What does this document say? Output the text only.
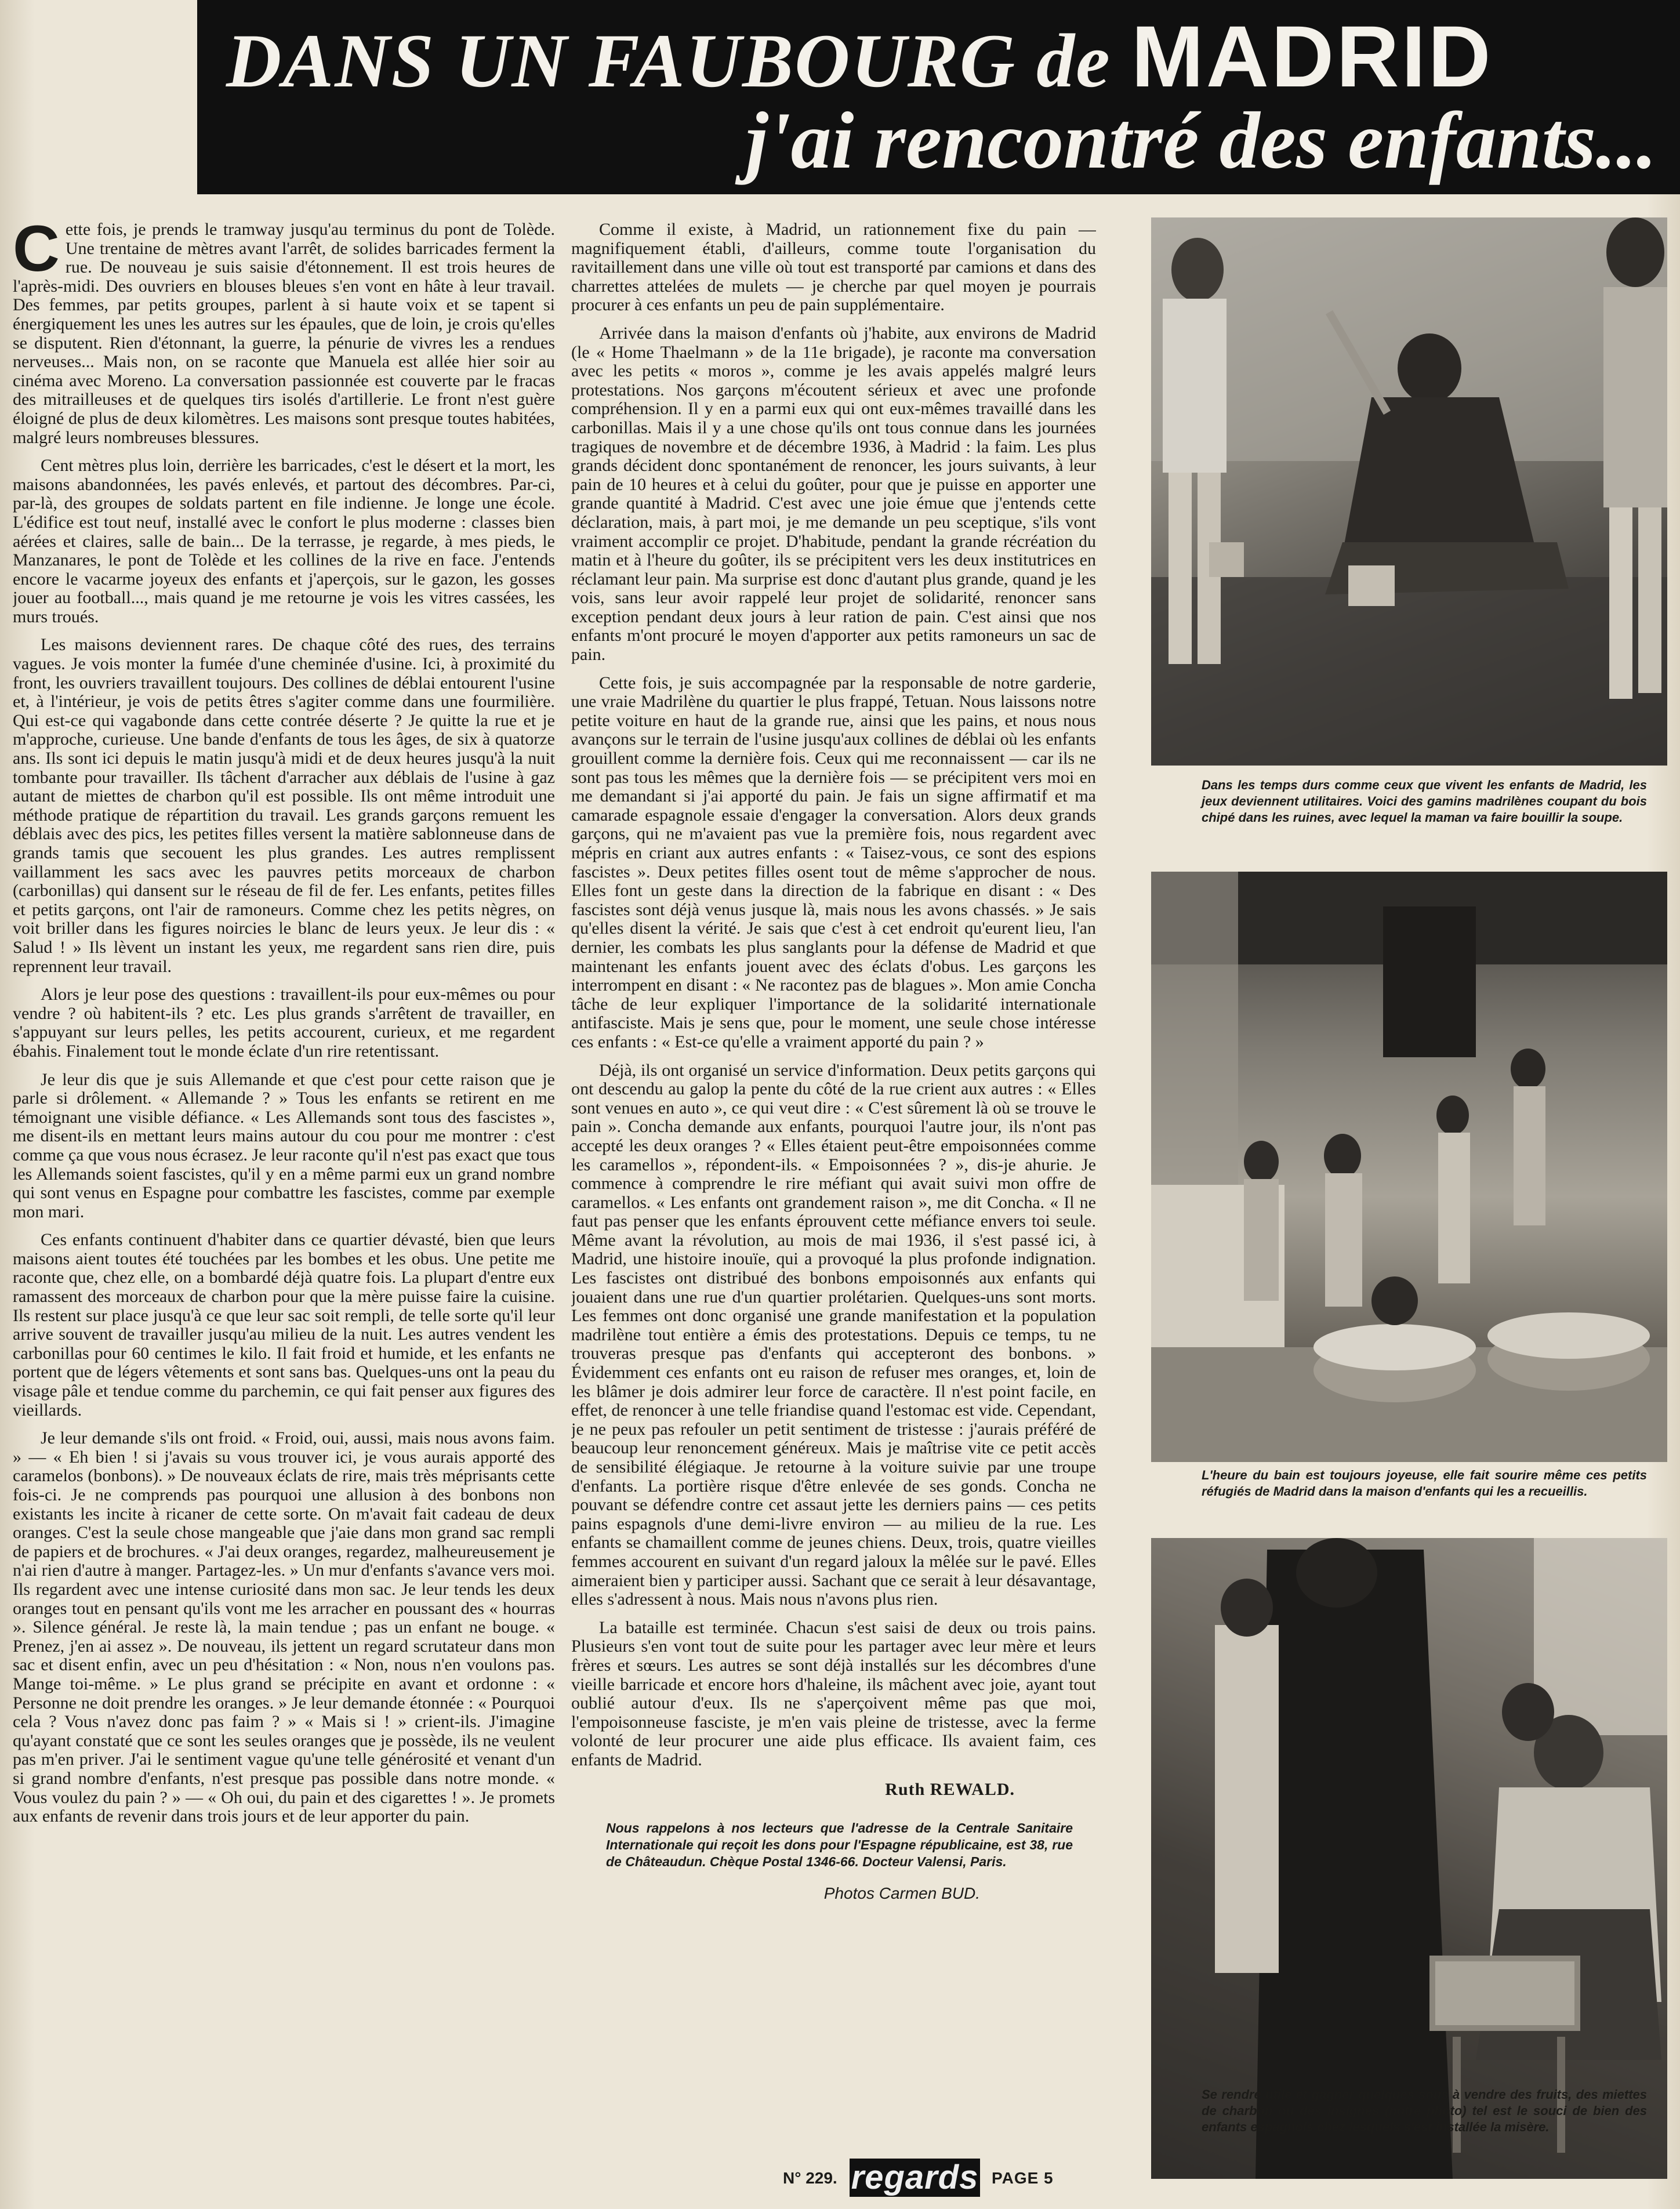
DANS UN FAUBOURG de MADRID
j'ai rencontré des enfants...

Cette fois, je prends le tramway jusqu'au terminus du pont de Tolède. Une trentaine de mètres avant l'arrêt, de solides barricades ferment la rue. De nouveau je suis saisie d'étonnement. Il est trois heures de l'après-midi. Des ouvriers en blouses bleues s'en vont en hâte à leur travail. Des femmes, par petits groupes, parlent à si haute voix et se tapent si énergiquement les unes les autres sur les épaules, que de loin, je crois qu'elles se disputent. Rien d'étonnant, la guerre, la pénurie de vivres les a rendues nerveuses... Mais non, on se raconte que Manuela est allée hier soir au cinéma avec Moreno. La conversation passionnée est couverte par le fracas des mitrailleuses et de quelques tirs isolés d'artillerie. Le front n'est guère éloigné de plus de deux kilomètres. Les maisons sont presque toutes habitées, malgré leurs nombreuses blessures.

Cent mètres plus loin, derrière les barricades, c'est le désert et la mort, les maisons abandonnées, les pavés enlevés, et partout des décombres. Par-ci, par-là, des groupes de soldats partent en file indienne. Je longe une école. L'édifice est tout neuf, installé avec le confort le plus moderne : classes bien aérées et claires, salle de bain... De la terrasse, je regarde, à mes pieds, le Manzanares, le pont de Tolède et les collines de la rive en face. J'entends encore le vacarme joyeux des enfants et j'aperçois, sur le gazon, les gosses jouer au football..., mais quand je me retourne je vois les vitres cassées, les murs troués.

Les maisons deviennent rares. De chaque côté des rues, des terrains vagues. Je vois monter la fumée d'une cheminée d'usine. Ici, à proximité du front, les ouvriers travaillent toujours. Des collines de déblai entourent l'usine et, à l'intérieur, je vois de petits êtres s'agiter comme dans une fourmilière. Qui est-ce qui vagabonde dans cette contrée déserte ? Je quitte la rue et je m'approche, curieuse. Une bande d'enfants de tous les âges, de six à quatorze ans. Ils sont ici depuis le matin jusqu'à midi et de deux heures jusqu'à la nuit tombante pour travailler. Ils tâchent d'arracher aux déblais de l'usine à gaz autant de miettes de charbon qu'il est possible. Ils ont même introduit une méthode pratique de répartition du travail. Les grands garçons remuent les déblais avec des pics, les petites filles versent la matière sablonneuse dans de grands tamis que secouent les plus grandes. Les autres remplissent vaillamment les sacs avec les pauvres petits morceaux de charbon (carbonillas) qui dansent sur le réseau de fil de fer. Les enfants, petites filles et petits garçons, ont l'air de ramoneurs. Comme chez les petits nègres, on voit briller dans les figures noircies le blanc de leurs yeux. Je leur dis : « Salud ! » Ils lèvent un instant les yeux, me regardent sans rien dire, puis reprennent leur travail.

Alors je leur pose des questions : travaillent-ils pour eux-mêmes ou pour vendre ? où habitent-ils ? etc. Les plus grands s'arrêtent de travailler, en s'appuyant sur leurs pelles, les petits accourent, curieux, et me regardent ébahis. Finalement tout le monde éclate d'un rire retentissant.

Je leur dis que je suis Allemande et que c'est pour cette raison que je parle si drôlement. « Allemande ? » Tous les enfants se retirent en me témoignant une visible défiance. « Les Allemands sont tous des fascistes », me disent-ils en mettant leurs mains autour du cou pour me montrer : c'est comme ça que vous nous écrasez. Je leur raconte qu'il n'est pas exact que tous les Allemands soient fascistes, qu'il y en a même parmi eux un grand nombre qui sont venus en Espagne pour combattre les fascistes, comme par exemple mon mari.

Ces enfants continuent d'habiter dans ce quartier dévasté, bien que leurs maisons aient toutes été touchées par les bombes et les obus. Une petite me raconte que, chez elle, on a bombardé déjà quatre fois. La plupart d'entre eux ramassent des morceaux de charbon pour que la mère puisse faire la cuisine. Ils restent sur place jusqu'à ce que leur sac soit rempli, de telle sorte qu'il leur arrive souvent de travailler jusqu'au milieu de la nuit. Les autres vendent les carbonillas pour 60 centimes le kilo. Il fait froid et humide, et les enfants ne portent que de légers vêtements et sont sans bas. Quelques-uns ont la peau du visage pâle et tendue comme du parchemin, ce qui fait penser aux figures des vieillards.

Je leur demande s'ils ont froid. « Froid, oui, aussi, mais nous avons faim. » — « Eh bien ! si j'avais su vous trouver ici, je vous aurais apporté des caramelos (bonbons). » De nouveaux éclats de rire, mais très méprisants cette fois-ci. Je ne comprends pas pourquoi une allusion à des bonbons non existants les incite à ricaner de cette sorte. On m'avait fait cadeau de deux oranges. C'est la seule chose mangeable que j'aie dans mon grand sac rempli de papiers et de brochures. « J'ai deux oranges, regardez, malheureusement je n'ai rien d'autre à manger. Partagez-les. » Un mur d'enfants s'avance vers moi. Ils regardent avec une intense curiosité dans mon sac. Je leur tends les deux oranges tout en pensant qu'ils vont me les arracher en poussant des « hourras ». Silence général. Je reste là, la main tendue ; pas un enfant ne bouge. « Prenez, j'en ai assez ». De nouveau, ils jettent un regard scrutateur dans mon sac et disent enfin, avec un peu d'hésitation : « Non, nous n'en voulons pas. Mange toi-même. » Le plus grand se précipite en avant et ordonne : « Personne ne doit prendre les oranges. » Je leur demande étonnée : « Pourquoi cela ? Vous n'avez donc pas faim ? » « Mais si ! » crient-ils. J'imagine qu'ayant constaté que ce sont les seules oranges que je possède, ils ne veulent pas m'en priver. J'ai le sentiment vague qu'une telle générosité et venant d'un si grand nombre d'enfants, n'est presque pas possible dans notre monde. « Vous voulez du pain ? » — « Oh oui, du pain et des cigarettes ! ». Je promets aux enfants de revenir dans trois jours et de leur apporter du pain.

Comme il existe, à Madrid, un rationnement fixe du pain — magnifiquement établi, d'ailleurs, comme toute l'organisation du ravitaillement dans une ville où tout est transporté par camions et dans des charrettes attelées de mulets — je cherche par quel moyen je pourrais procurer à ces enfants un peu de pain supplémentaire.

Arrivée dans la maison d'enfants où j'habite, aux environs de Madrid (le « Home Thaelmann » de la 11e brigade), je raconte ma conversation avec les petits « moros », comme je les avais appelés malgré leurs protestations. Nos garçons m'écoutent sérieux et avec une profonde compréhension. Il y en a parmi eux qui ont eux-mêmes travaillé dans les carbonillas. Mais il y a une chose qu'ils ont tous connue dans les journées tragiques de novembre et de décembre 1936, à Madrid : la faim. Les plus grands décident donc spontanément de renoncer, les jours suivants, à leur pain de 10 heures et à celui du goûter, pour que je puisse en apporter une grande quantité à Madrid. C'est avec une joie émue que j'entends cette déclaration, mais, à part moi, je me demande un peu sceptique, s'ils vont vraiment accomplir ce projet. D'habitude, pendant la grande récréation du matin et à l'heure du goûter, ils se précipitent vers les deux institutrices en réclamant leur pain. Ma surprise est donc d'autant plus grande, quand je les vois, sans leur avoir rappelé leur projet de solidarité, renoncer sans exception pendant deux jours à leur ration de pain. C'est ainsi que nos enfants m'ont procuré le moyen d'apporter aux petits ramoneurs un sac de pain.

Cette fois, je suis accompagnée par la responsable de notre garderie, une vraie Madrilène du quartier le plus frappé, Tetuan. Nous laissons notre petite voiture en haut de la grande rue, ainsi que les pains, et nous nous avançons sur le terrain de l'usine jusqu'aux collines de déblai où les enfants grouillent comme la dernière fois. Ceux qui me reconnaissent — car ils ne sont pas tous les mêmes que la dernière fois — se précipitent vers moi en me demandant si j'ai apporté du pain. Je fais un signe affirmatif et ma camarade espagnole essaie d'engager la conversation. Alors deux grands garçons, qui ne m'avaient pas vue la première fois, nous regardent avec mépris en criant aux autres enfants : « Taisez-vous, ce sont des espions fascistes ». Deux petites filles osent tout de même s'approcher de nous. Elles font un geste dans la direction de la fabrique en disant : « Des fascistes sont déjà venus jusque là, mais nous les avons chassés. » Je sais qu'elles disent la vérité. Je sais que c'est à cet endroit qu'eurent lieu, l'an dernier, les combats les plus sanglants pour la défense de Madrid et que maintenant les enfants jouent avec des éclats d'obus. Les garçons les interrompent en disant : « Ne racontez pas de blagues ». Mon amie Concha tâche de leur expliquer l'importance de la solidarité internationale antifasciste. Mais je sens que, pour le moment, une seule chose intéresse ces enfants : « Est-ce qu'elle a vraiment apporté du pain ? »

Déjà, ils ont organisé un service d'information. Deux petits garçons qui ont descendu au galop la pente du côté de la rue crient aux autres : « Elles sont venues en auto », ce qui veut dire : « C'est sûrement là où se trouve le pain ». Concha demande aux enfants, pourquoi l'autre jour, ils n'ont pas accepté les deux oranges ? « Elles étaient peut-être empoisonnées comme les caramellos », répondent-ils. « Empoisonnées ? », dis-je ahurie. Je commence à comprendre le rire méfiant qui avait suivi mon offre de caramellos. « Les enfants ont grandement raison », me dit Concha. « Il ne faut pas penser que les enfants éprouvent cette méfiance envers toi seule. Même avant la révolution, au mois de mai 1936, il s'est passé ici, à Madrid, une histoire inouïe, qui a provoqué la plus profonde indignation. Les fascistes ont distribué des bonbons empoisonnés aux enfants qui jouaient dans une rue d'un quartier prolétarien. Quelques-uns sont morts. Les femmes ont donc organisé une grande manifestation et la population madrilène tout entière a émis des protestations. Depuis ce temps, tu ne trouveras presque pas d'enfants qui accepteront des bonbons. » Évidemment ces enfants ont eu raison de refuser mes oranges, et, loin de les blâmer je dois admirer leur force de caractère. Il n'est point facile, en effet, de renoncer à une telle friandise quand l'estomac est vide. Cependant, je ne peux pas refouler un petit sentiment de tristesse : j'aurais préféré de beaucoup leur renoncement généreux. Mais je maîtrise vite ce petit accès de sensibilité élégiaque. Je retourne à la voiture suivie par une troupe d'enfants. La portière risque d'être enlevée de ses gonds. Concha ne pouvant se défendre contre cet assaut jette les derniers pains — ces petits pains espagnols d'une demi-livre environ — au milieu de la rue. Les enfants se chamaillent comme de jeunes chiens. Deux, trois, quatre vieilles femmes accourent en suivant d'un regard jaloux la mêlée sur le pavé. Elles aimeraient bien y participer aussi. Sachant que ce serait à leur désavantage, elles s'adressent à nous. Mais nous n'avons plus rien.

La bataille est terminée. Chacun s'est saisi de deux ou trois pains. Plusieurs s'en vont tout de suite pour les partager avec leur mère et leurs frères et sœurs. Les autres se sont déjà installés sur les décombres d'une vieille barricade et encore hors d'haleine, ils mâchent avec joie, ayant tout oublié autour d'eux. Ils ne s'aperçoivent même pas que moi, l'empoisonneuse fasciste, je m'en vais pleine de tristesse, avec la ferme volonté de leur procurer une aide plus efficace. Ils avaient faim, ces enfants de Madrid.

Ruth REWALD.
Nous rappelons à nos lecteurs que l'adresse de la Centrale Sanitaire Internationale qui reçoit les dons pour l'Espagne républicaine, est 38, rue de Châteaudun. Chèque Postal 1346-66. Docteur Valensi, Paris.
Photos Carmen BUD.
Dans les temps durs comme ceux que vivent les enfants de Madrid, les jeux deviennent utilitaires. Voici des gamins madrilènes coupant du bois chipé dans les ruines, avec lequel la maman va faire bouillir la soupe.
L'heure du bain est toujours joyeuse, elle fait sourire même ces petits réfugiés de Madrid dans la maison d'enfants qui les a recueillis.
Se rendre utile et gagner quelques sous à vendre des fruits, des miettes de charbon ou des insignes (notre photo) tel est le souci de bien des enfants espagnols chez lesquels s'est installée la misère.
N° 229. regards PAGE 5
